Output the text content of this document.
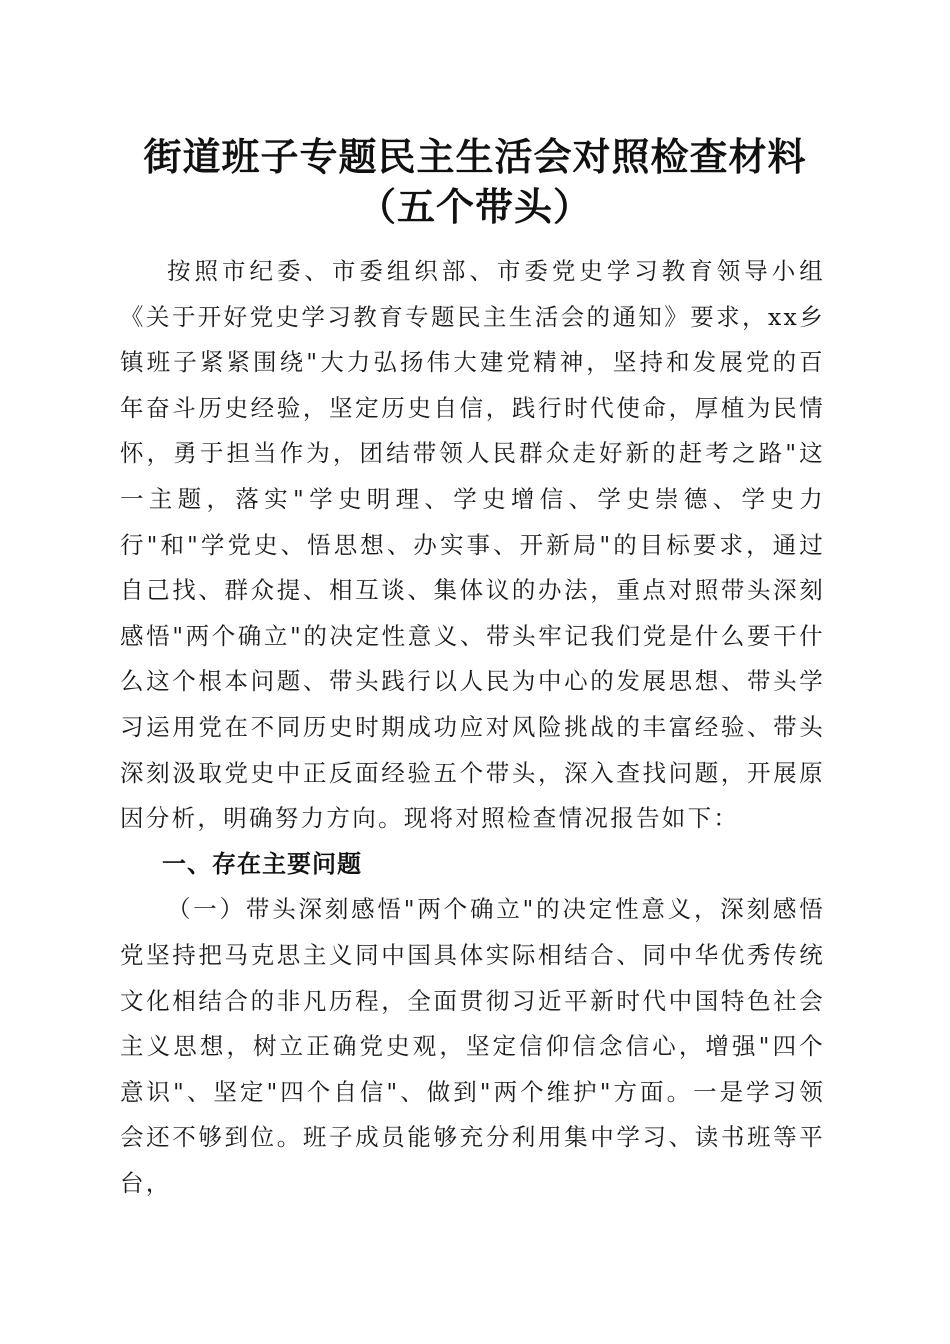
街道班子专题民主生活会对照检查材料（五个带头）

按照市纪委、市委组织部、市委党史学习教育领导小组《关于开好党史学习教育专题民主生活会的通知》要求，xx乡镇班子紧紧围绕"大力弘扬伟大建党精神，坚持和发展党的百年奋斗历史经验，坚定历史自信，践行时代使命，厚植为民情怀，勇于担当作为，团结带领人民群众走好新的赶考之路"这一主题，落实"学史明理、学史增信、学史崇德、学史力行"和"学党史、悟思想、办实事、开新局"的目标要求，通过自己找、群众提、相互谈、集体议的办法，重点对照带头深刻感悟"两个确立"的决定性意义、带头牢记我们党是什么要干什么这个根本问题、带头践行以人民为中心的发展思想、带头学习运用党在不同历史时期成功应对风险挑战的丰富经验、带头深刻汲取党史中正反面经验五个带头，深入查找问题，开展原因分析，明确努力方向。现将对照检查情况报告如下：

一、存在主要问题

（一）带头深刻感悟"两个确立"的决定性意义，深刻感悟党坚持把马克思主义同中国具体实际相结合、同中华优秀传统文化相结合的非凡历程，全面贯彻习近平新时代中国特色社会主义思想，树立正确党史观，坚定信仰信念信心，增强"四个意识"、坚定"四个自信"、做到"两个维护"方面。一是学习领会还不够到位。班子成员能够充分利用集中学习、读书班等平台，
